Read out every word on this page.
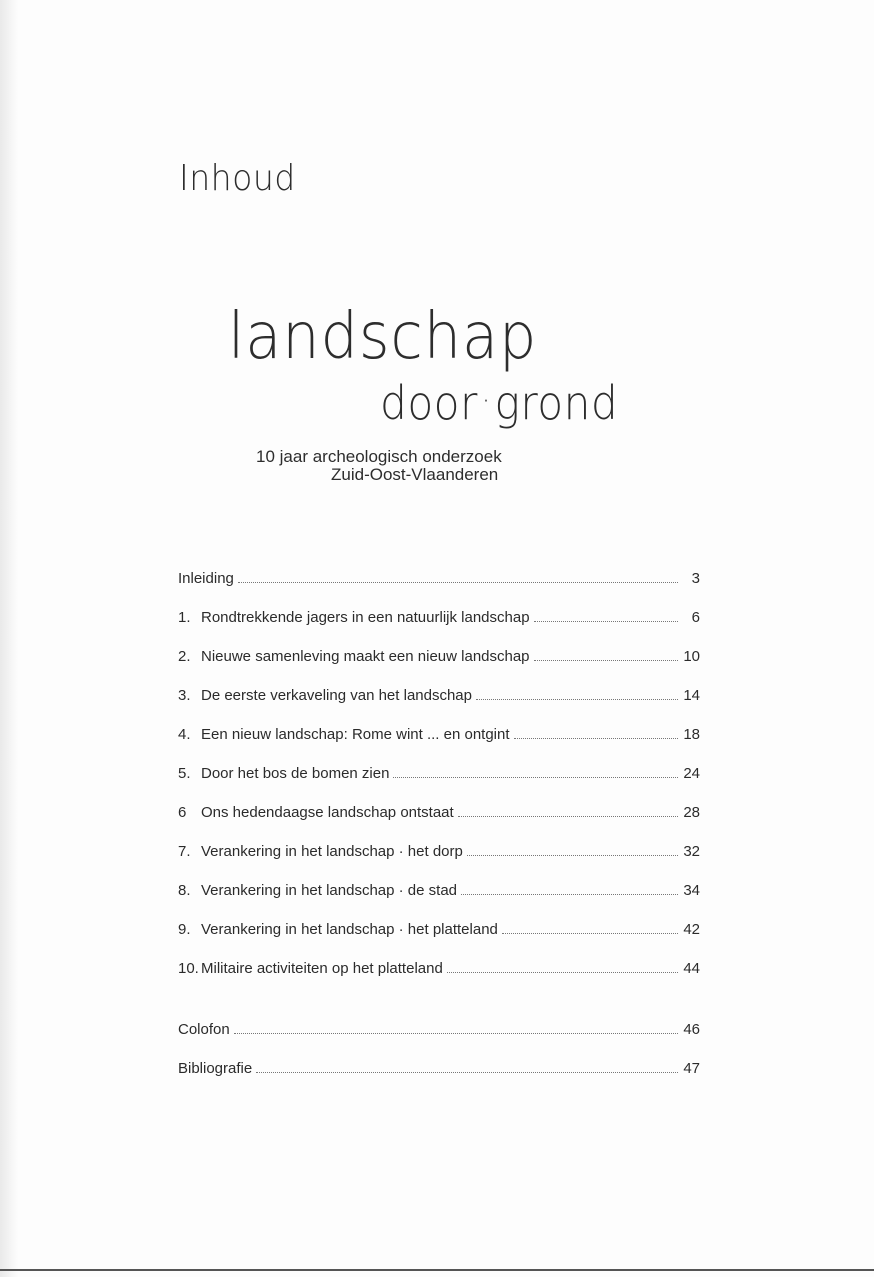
Inhoud
landschap
door ·grond
10 jaar archeologisch onderzoek
Zuid-Oost-Vlaanderen
Inleiding	3
1. Rondtrekkende jagers in een natuurlijk landschap	6
2. Nieuwe samenleving maakt een nieuw landschap	10
3. De eerste verkaveling van het landschap	14
4. Een nieuw landschap: Rome wint ... en ontgint	18
5. Door het bos de bomen zien	24
6 Ons hedendaagse landschap ontstaat	28
7. Verankering in het landschap · het dorp	32
8. Verankering in het landschap · de stad	34
9. Verankering in het landschap · het platteland	42
10. Militaire activiteiten op het platteland	44
Colofon	46
Bibliografie	47
